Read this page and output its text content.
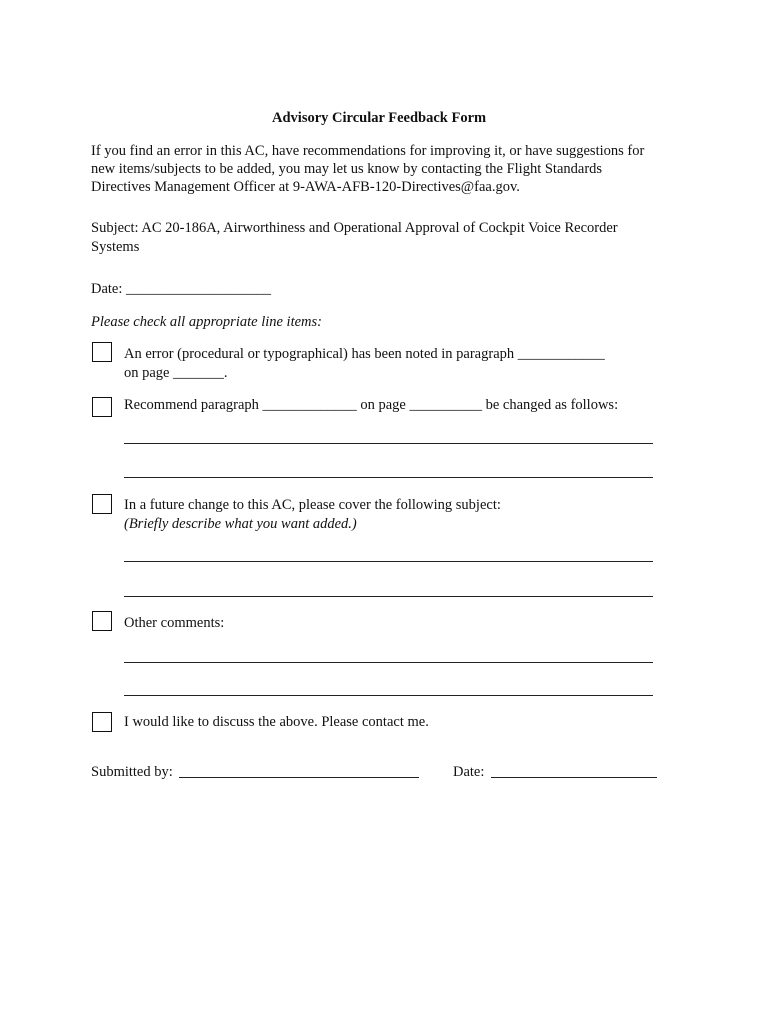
Advisory Circular Feedback Form
If you find an error in this AC, have recommendations for improving it, or have suggestions for
new items/subjects to be added, you may let us know by contacting the Flight Standards
Directives Management Officer at 9-AWA-AFB-120-Directives@faa.gov.
Subject: AC 20-186A, Airworthiness and Operational Approval of Cockpit Voice Recorder
Systems
Date: ____________________
Please check all appropriate line items:
An error (procedural or typographical) has been noted in paragraph ____________
on page _______.
Recommend paragraph _____________ on page __________ be changed as follows:
In a future change to this AC, please cover the following subject:
(Briefly describe what you want added.)
Other comments:
I would like to discuss the above. Please contact me.
Submitted by:	Date:
